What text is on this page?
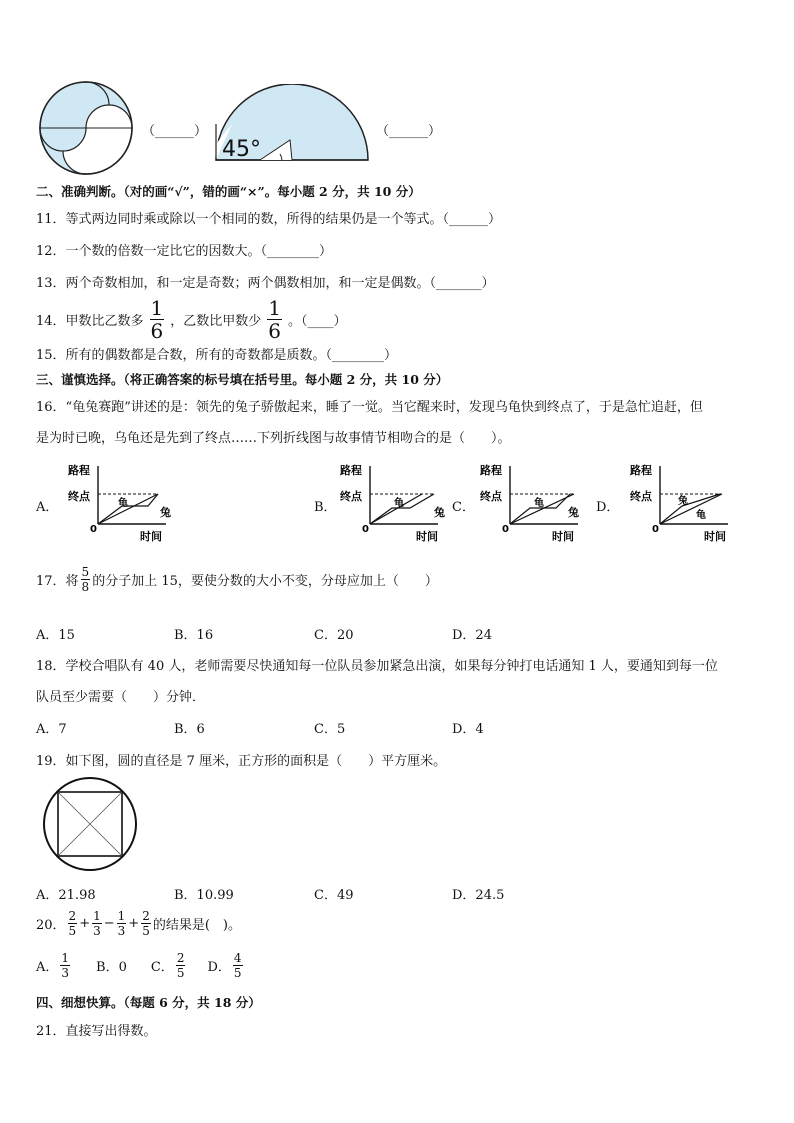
（______）
45°
（______）
二、准确判断。（对的画“√”，错的画“×”。每小题 2 分，共 10 分）
11．等式两边同时乘或除以一个相同的数，所得的结果仍是一个等式。（______）
12．一个数的倍数一定比它的因数大。（________）
13．两个奇数相加，和一定是奇数；两个偶数相加，和一定是偶数。（_______）
14．甲数比乙数多 $\frac{1}{6}$ ，乙数比甲数少 $\frac{1}{6}$ 。（____）
15．所有的偶数都是合数，所有的奇数都是质数。（________）
三、谨慎选择。（将正确答案的标号填在括号里。每小题 2 分，共 10 分）
16．“龟兔赛跑”讲述的是：领先的兔子骄傲起来，睡了一觉。当它醒来时，发现乌龟快到终点了，于是急忙追赶，但
是为时已晚，乌龟还是先到了终点……下列折线图与故事情节相吻合的是（　　）。
A．	B．	C．	D．
路程
终点
0
时间
龟
兔
路程
终点
0
时间
龟
兔
路程
终点
0
时间
龟
兔
路程
终点
0
时间
兔
龟
17．将 $\frac{5}{8}$ 的分子加上 15，要使分数的大小不变，分母应加上（　　）
A．15	B．16	C．20	D．24
18．学校合唱队有 40 人，老师需要尽快通知每一位队员参加紧急出演，如果每分钟打电话通知 1 人，要通知到每一位
队员至少需要（　　）分钟．
A．7	B．6	C．5	D．4
19．如下图，圆的直径是 7 厘米，正方形的面积是（　　）平方厘米。
A．21.98	B．10.99	C．49	D．24.5
20． $\frac{2}{5} + \frac{1}{3} - \frac{1}{3} + \frac{2}{5}$ 的结果是(　)。
A． $\frac{1}{3}$ B．0 C． $\frac{2}{5}$ D． $\frac{4}{5}$
四、细想快算。（每题 6 分，共 18 分）
21．直接写出得数。
